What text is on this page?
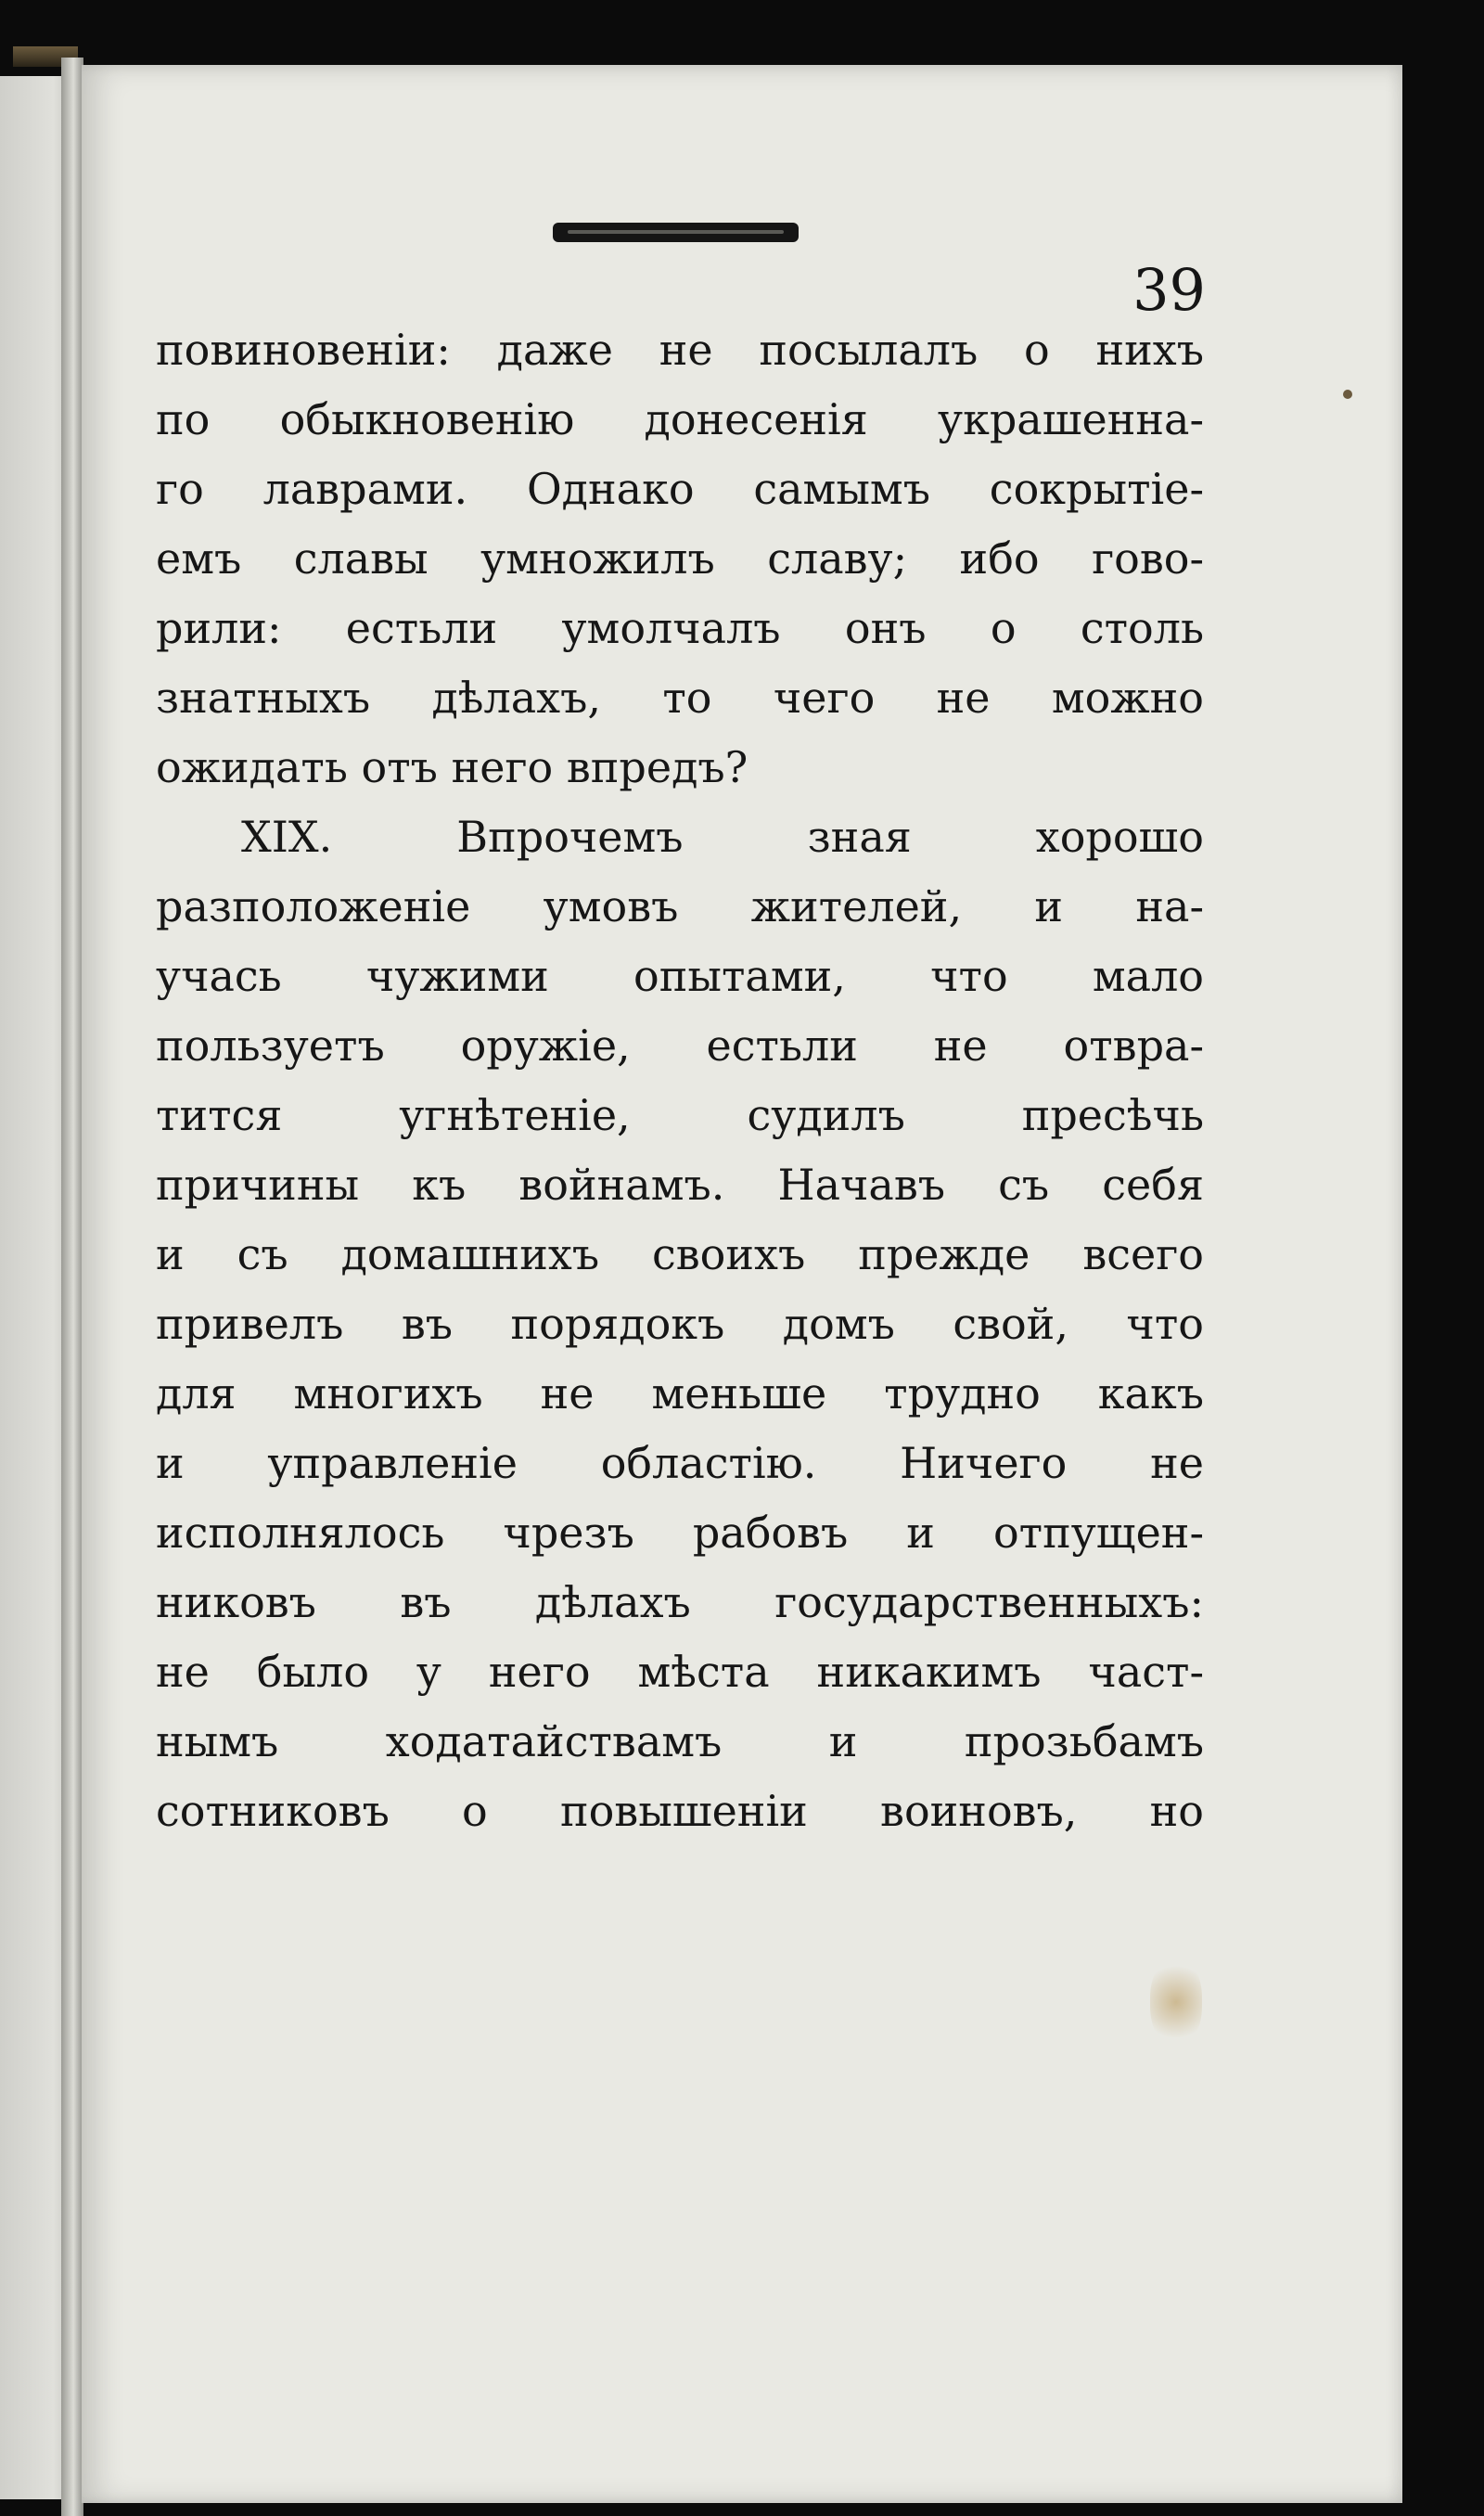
39
повиновенiи: даже не посылалъ о нихъ
по обыкновенiю донесенiя украшенна-
го лаврами. Однако самымъ сокрытiе-
емъ славы умножилъ славу; ибо гово-
рили: естьли умолчалъ онъ о столь
знатныхъ дѣлахъ, то чего не можно
ожидать отъ него впредъ?
XIX. Впрочемъ зная хорошо
разположенiе умовъ жителей, и на-
учась чужими опытами, что мало
пользуетъ оружiе, естьли не отвра-
тится угнѣтенiе, судилъ пресѣчь
причины къ войнамъ. Начавъ съ себя
и съ домашнихъ своихъ прежде всего
привелъ въ порядокъ домъ свой, что
для многихъ не меньше трудно какъ
и управленiе областiю. Ничего не
исполнялось чрезъ рабовъ и отпущен-
никовъ въ дѣлахъ государственныхъ:
не было у него мѣста никакимъ част-
нымъ ходатайствамъ и прозьбамъ
сотниковъ о повышенiи воиновъ, но
